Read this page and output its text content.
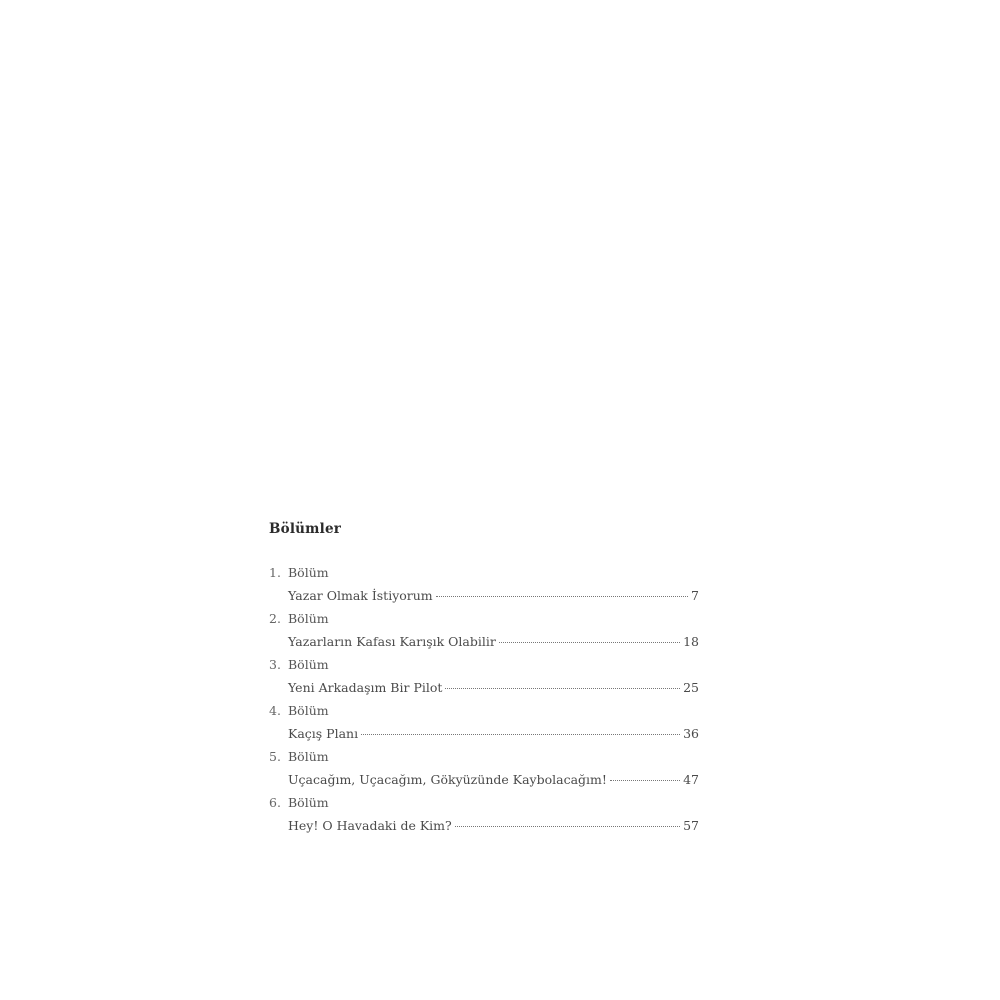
Bölümler
1. Bölüm
Yazar Olmak İstiyorum	7
2. Bölüm
Yazarların Kafası Karışık Olabilir	18
3. Bölüm
Yeni Arkadaşım Bir Pilot	25
4. Bölüm
Kaçış Planı	36
5. Bölüm
Uçacağım, Uçacağım, Gökyüzünde Kaybolacağım!	47
6. Bölüm
Hey! O Havadaki de Kim?	57
